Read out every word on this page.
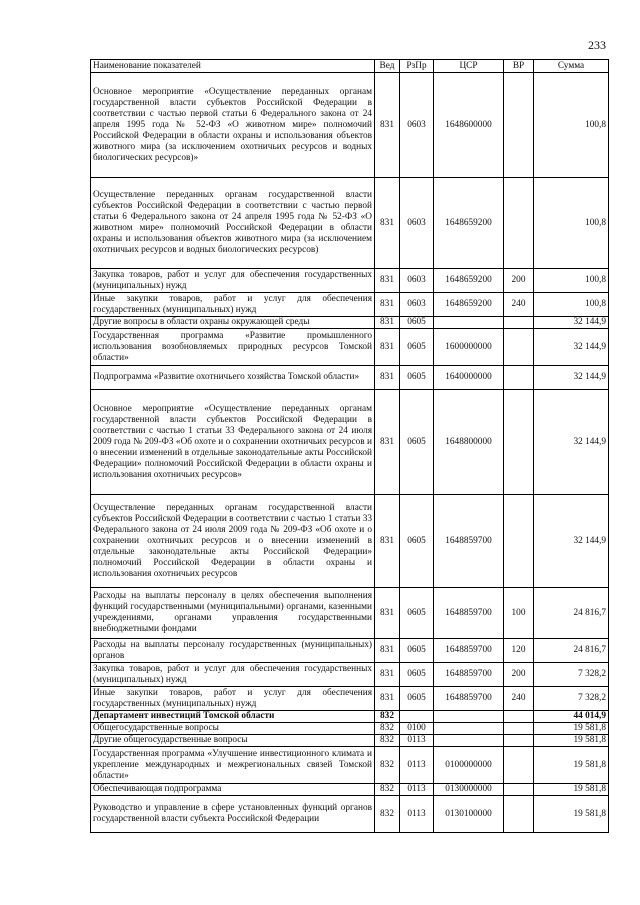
233
Наименование показателей	Вед	РзПр	ЦСР	ВР	Сумма
Основное мероприятие «Осуществление переданных органам государственной власти субъектов Российской Федерации в соответствии с частью первой статьи 6 Федерального закона от 24 апреля 1995 года № 52-ФЗ «О животном мире» полномочий Российской Федерации в области охраны и использования объектов животного мира (за исключением охотничьих ресурсов и водных биологических ресурсов)»	831	0603	1648600000		100,8
Осуществление переданных органам государственной власти субъектов Российской Федерации в соответствии с частью первой статьи 6 Федерального закона от 24 апреля 1995 года № 52-ФЗ «О животном мире» полномочий Российской Федерации в области охраны и использования объектов животного мира (за исключением охотничьих ресурсов и водных биологических ресурсов)	831	0603	1648659200		100,8
Закупка товаров, работ и услуг для обеспечения государственных (муниципальных) нужд	831	0603	1648659200	200	100,8
Иные закупки товаров, работ и услуг для обеспечения государственных (муниципальных) нужд	831	0603	1648659200	240	100,8
Другие вопросы в области охраны окружающей среды	831	0605			32 144,9
Государственная программа «Развитие промышленного использования возобновляемых природных ресурсов Томской области»	831	0605	1600000000		32 144,9
Подпрограмма «Развитие охотничьего хозяйства Томской области»	831	0605	1640000000		32 144,9
Основное мероприятие «Осуществление переданных органам государственной власти субъектов Российской Федерации в соответствии с частью 1 статьи 33 Федерального закона от 24 июля 2009 года № 209-ФЗ «Об охоте и о сохранении охотничьих ресурсов и о внесении изменений в отдельные законодательные акты Российской Федерации» полномочий Российской Федерации в области охраны и использования охотничьих ресурсов»	831	0605	1648800000		32 144,9
Осуществление переданных органам государственной власти субъектов Российской Федерации в соответствии с частью 1 статьи 33 Федерального закона от 24 июля 2009 года № 209-ФЗ «Об охоте и о сохранении охотничьих ресурсов и о внесении изменений в отдельные законодательные акты Российской Федерации» полномочий Российской Федерации в области охраны и использования охотничьих ресурсов	831	0605	1648859700		32 144,9
Расходы на выплаты персоналу в целях обеспечения выполнения функций государственными (муниципальными) органами, казенными учреждениями, органами управления государственными внебюджетными фондами	831	0605	1648859700	100	24 816,7
Расходы на выплаты персоналу государственных (муниципальных) органов	831	0605	1648859700	120	24 816,7
Закупка товаров, работ и услуг для обеспечения государственных (муниципальных) нужд	831	0605	1648859700	200	7 328,2
Иные закупки товаров, работ и услуг для обеспечения государственных (муниципальных) нужд	831	0605	1648859700	240	7 328,2
Департамент инвестиций Томской области	832				44 014,9
Общегосударственные вопросы	832	0100			19 581,8
Другие общегосударственные вопросы	832	0113			19 581,8
Государственная программа «Улучшение инвестиционного климата и укрепление международных и межрегиональных связей Томской области»	832	0113	0100000000		19 581,8
Обеспечивающая подпрограмма	832	0113	0130000000		19 581,8
Руководство и управление в сфере установленных функций органов государственной власти субъекта Российской Федерации	832	0113	0130100000		19 581,8
